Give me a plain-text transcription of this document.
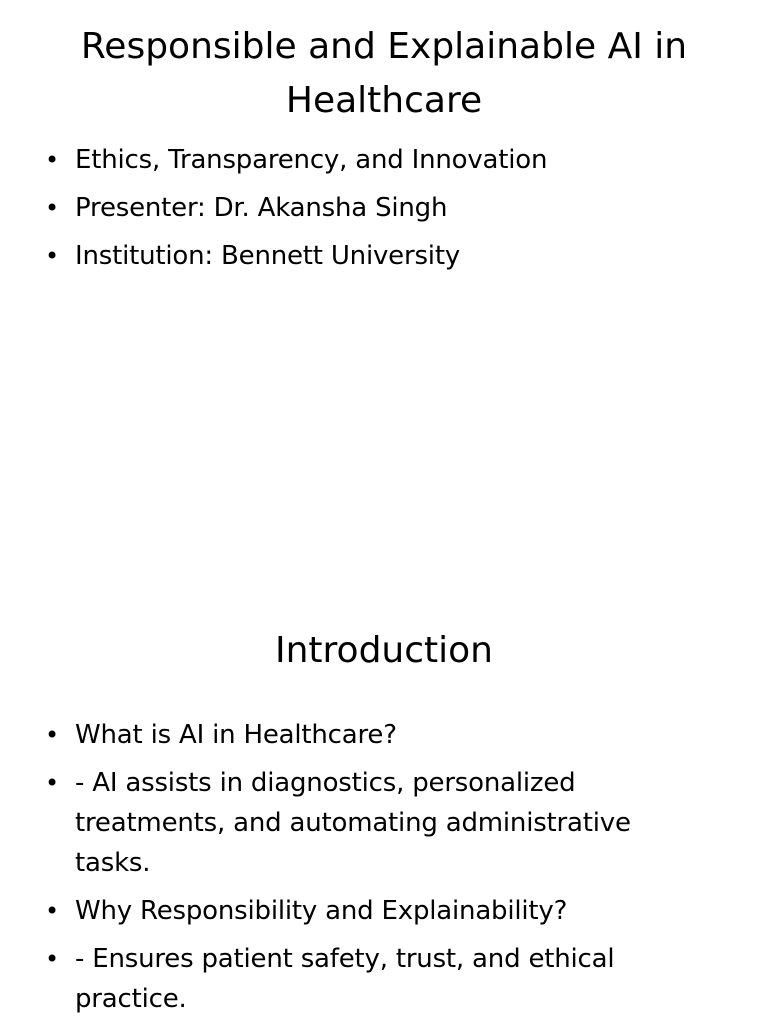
Responsible and Explainable AI in Healthcare
• Ethics, Transparency, and Innovation
• Presenter: Dr. Akansha Singh
• Institution: Bennett University
Introduction
• What is AI in Healthcare?
• - AI assists in diagnostics, personalized treatments, and automating administrative tasks.
• Why Responsibility and Explainability?
• - Ensures patient safety, trust, and ethical practice.
